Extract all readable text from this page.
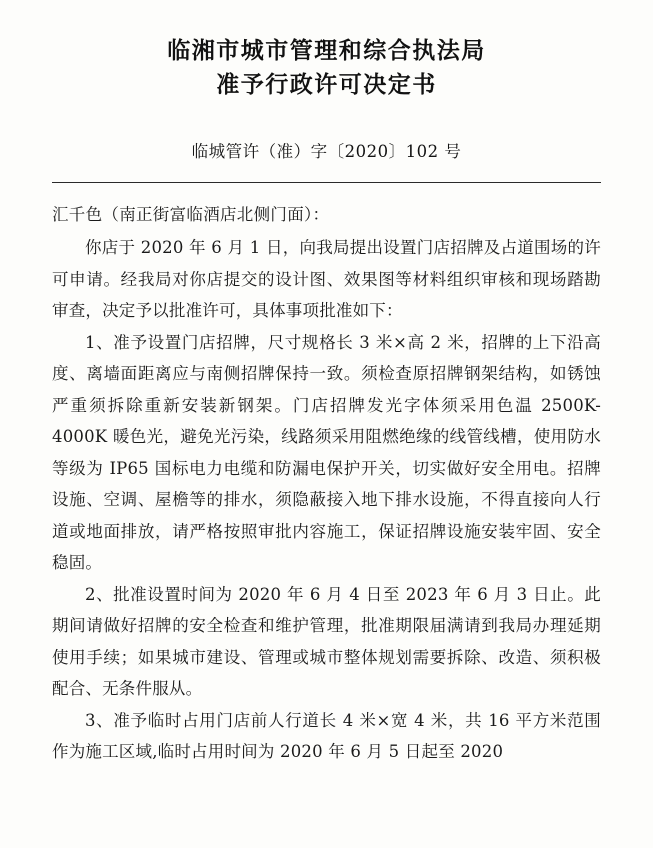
临湘市城市管理和综合执法局
准予行政许可决定书
临城管许（准）字〔2020〕102 号
汇千色（南正街富临酒店北侧门面）：

你店于 2020 年 6 月 1 日，向我局提出设置门店招牌及占道围场的许可申请。经我局对你店提交的设计图、效果图等材料组织审核和现场踏勘审查，决定予以批准许可，具体事项批准如下：

1、准予设置门店招牌，尺寸规格长 3 米×高 2 米，招牌的上下沿高度、离墙面距离应与南侧招牌保持一致。须检查原招牌钢架结构，如锈蚀严重须拆除重新安装新钢架。门店招牌发光字体须采用色温 2500K-4000K 暖色光，避免光污染，线路须采用阻燃绝缘的线管线槽，使用防水等级为 IP65 国标电力电缆和防漏电保护开关，切实做好安全用电。招牌设施、空调、屋檐等的排水，须隐蔽接入地下排水设施，不得直接向人行道或地面排放，请严格按照审批内容施工，保证招牌设施安装牢固、安全稳固。

2、批准设置时间为 2020 年 6 月 4 日至 2023 年 6 月 3 日止。此期间请做好招牌的安全检查和维护管理，批准期限届满请到我局办理延期使用手续；如果城市建设、管理或城市整体规划需要拆除、改造、须积极配合、无条件服从。

3、准予临时占用门店前人行道长 4 米×宽 4 米，共 16 平方米范围作为施工区域,临时占用时间为 2020 年 6 月 5 日起至 2020
